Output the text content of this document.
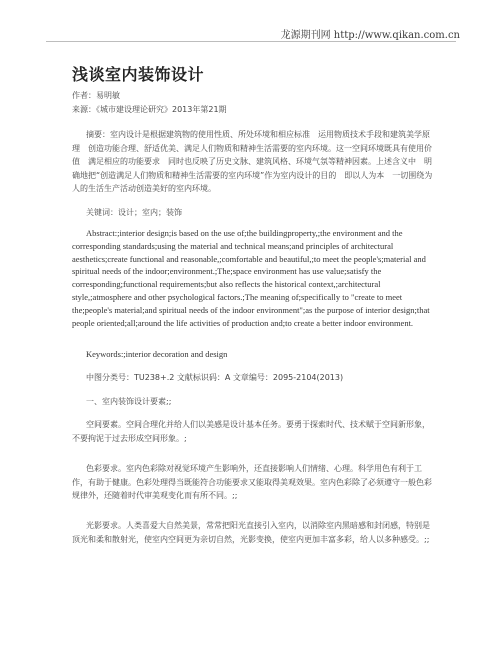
龙源期刊网 http://www.qikan.com.cn
浅谈室内装饰设计
作者：易明敏
来源：《城市建设理论研究》2013年第21期
摘要：室内设计是根据建筑物的使用性质、所处环境和相应标准　运用物质技术手段和建筑美学原理　创造功能合理、舒适优美、满足人们物质和精神生活需要的室内环境。这一空间环境既具有使用价值　满足相应的功能要求　同时也反映了历史文脉、建筑风格、环境气氛等精神因素。上述含义中　明确地把“创造满足人们物质和精神生活需要的室内环境”作为室内设计的目的　即以人为本　一切围绕为人的生活生产活动创造美好的室内环境。
关键词：设计；室内；装饰
Abstract:;interior design;is based on the use of;the buildingproperty,;the environment and the corresponding standards;using the material and technical means;and principles of architectural aesthetics;create functional and reasonable,;comfortable and beautiful,;to meet the people's;material and spiritual needs of the indoor;environment.;The;space environment has use value;satisfy the corresponding;functional requirements;but also reflects the historical context,;architectural style,;atmosphere and other psychological factors.;The meaning of;specifically to "create to meet the;people's material;and spiritual needs of the indoor environment";as the purpose of interior design;that people oriented;all;around the life activities of production and;to create a better indoor environment.
Keywords:;interior decoration and design
中图分类号：TU238+.2 文献标识码：A 文章编号：2095-2104(2013)
一、室内装饰设计要素;;
空间要素。空间合理化并给人们以美感是设计基本任务。要勇于探索时代、技术赋于空间新形象，不要拘泥于过去形成空间形象。;
色彩要求。室内色彩除对视觉环境产生影响外，还直接影响人们情绪、心理。科学用色有利于工作，有助于健康。色彩处理得当既能符合功能要求又能取得美观效果。室内色彩除了必须遵守一般色彩规律外，还随着时代审美观变化而有所不同。;;
光影要求。人类喜爱大自然美景，常常把阳光直接引入室内，以消除室内黑暗感和封闭感，特别是顶光和柔和散射光，使室内空间更为亲切自然，光影变换，使室内更加丰富多彩，给人以多种感受。;;
